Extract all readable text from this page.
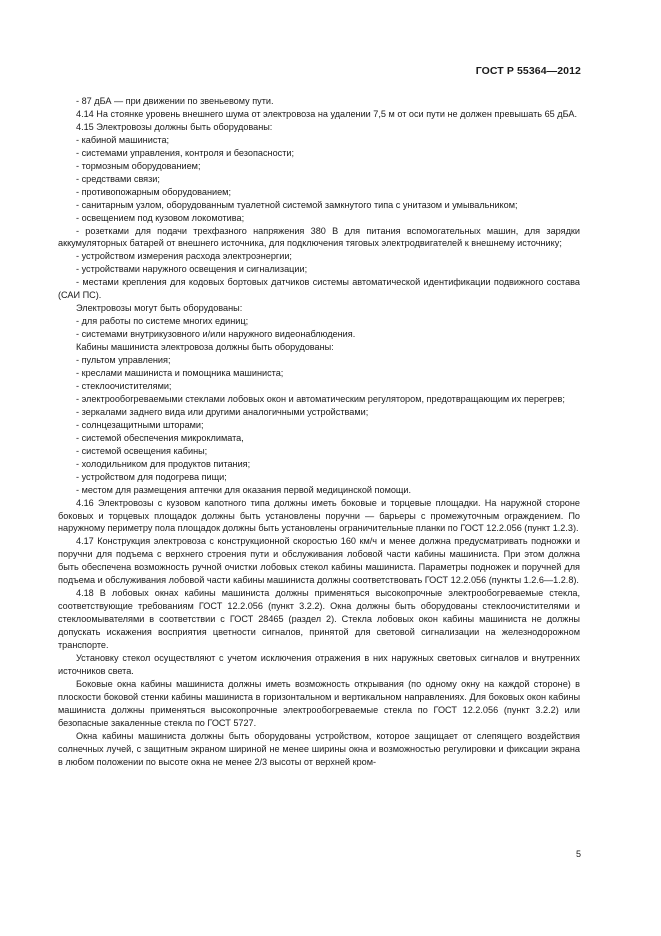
ГОСТ Р 55364—2012

- 87 дБА — при движении по звеньевому пути.

4.14 На стоянке уровень внешнего шума от электровоза на удалении 7,5 м от оси пути не должен превышать 65 дБА.

4.15 Электровозы должны быть оборудованы:

- кабиной машиниста;

- системами управления, контроля и безопасности;

- тормозным оборудованием;

- средствами связи;

- противопожарным оборудованием;

- санитарным узлом, оборудованным туалетной системой замкнутого типа с унитазом и умывальником;

- освещением под кузовом локомотива;

- розетками для подачи трехфазного напряжения 380 В для питания вспомогательных машин, для зарядки аккумуляторных батарей от внешнего источника, для подключения тяговых электродвигателей к внешнему источнику;

- устройством измерения расхода электроэнергии;

- устройствами наружного освещения и сигнализации;

- местами крепления для кодовых бортовых датчиков системы автоматической идентификации подвижного состава (САИ ПС).

Электровозы могут быть оборудованы:

- для работы по системе многих единиц;

- системами внутрикузовного и/или наружного видеонаблюдения.

Кабины машиниста электровоза должны быть оборудованы:

- пультом управления;

- креслами машиниста и помощника машиниста;

- стеклоочистителями;

- электрообогреваемыми стеклами лобовых окон и автоматическим регулятором, предотвращающим их перегрев;

- зеркалами заднего вида или другими аналогичными устройствами;

- солнцезащитными шторами;

- системой обеспечения микроклимата,

- системой освещения кабины;

- холодильником для продуктов питания;

- устройством для подогрева пищи;

- местом для размещения аптечки для оказания первой медицинской помощи.

4.16 Электровозы с кузовом капотного типа должны иметь боковые и торцевые площадки. На наружной стороне боковых и торцевых площадок должны быть установлены поручни — барьеры с промежуточным ограждением. По наружному периметру пола площадок должны быть установлены ограничительные планки по ГОСТ 12.2.056 (пункт 1.2.3).

4.17 Конструкция электровоза с конструкционной скоростью 160 км/ч и менее должна предусматривать подножки и поручни для подъема с верхнего строения пути и обслуживания лобовой части кабины машиниста. При этом должна быть обеспечена возможность ручной очистки лобовых стекол кабины машиниста. Параметры подножек и поручней для подъема и обслуживания лобовой части кабины машиниста должны соответствовать ГОСТ 12.2.056 (пункты 1.2.6—1.2.8).

4.18 В лобовых окнах кабины машиниста должны применяться высокопрочные электрообогреваемые стекла, соответствующие требованиям ГОСТ 12.2.056 (пункт 3.2.2). Окна должны быть оборудованы стеклоочистителями и стеклоомывателями в соответствии с ГОСТ 28465 (раздел 2). Стекла лобовых окон кабины машиниста не должны допускать искажения восприятия цветности сигналов, принятой для световой сигнализации на железнодорожном транспорте.

Установку стекол осуществляют с учетом исключения отражения в них наружных световых сигналов и внутренних источников света.

Боковые окна кабины машиниста должны иметь возможность открывания (по одному окну на каждой стороне) в плоскости боковой стенки кабины машиниста в горизонтальном и вертикальном направлениях. Для боковых окон кабины машиниста должны применяться высокопрочные электрообогреваемые стекла по ГОСТ 12.2.056 (пункт 3.2.2) или безопасные закаленные стекла по ГОСТ 5727.

Окна кабины машиниста должны быть оборудованы устройством, которое защищает от слепящего воздействия солнечных лучей, с защитным экраном шириной не менее ширины окна и возможностью регулировки и фиксации экрана в любом положении по высоте окна не менее 2/3 высоты от верхней кром-

5
